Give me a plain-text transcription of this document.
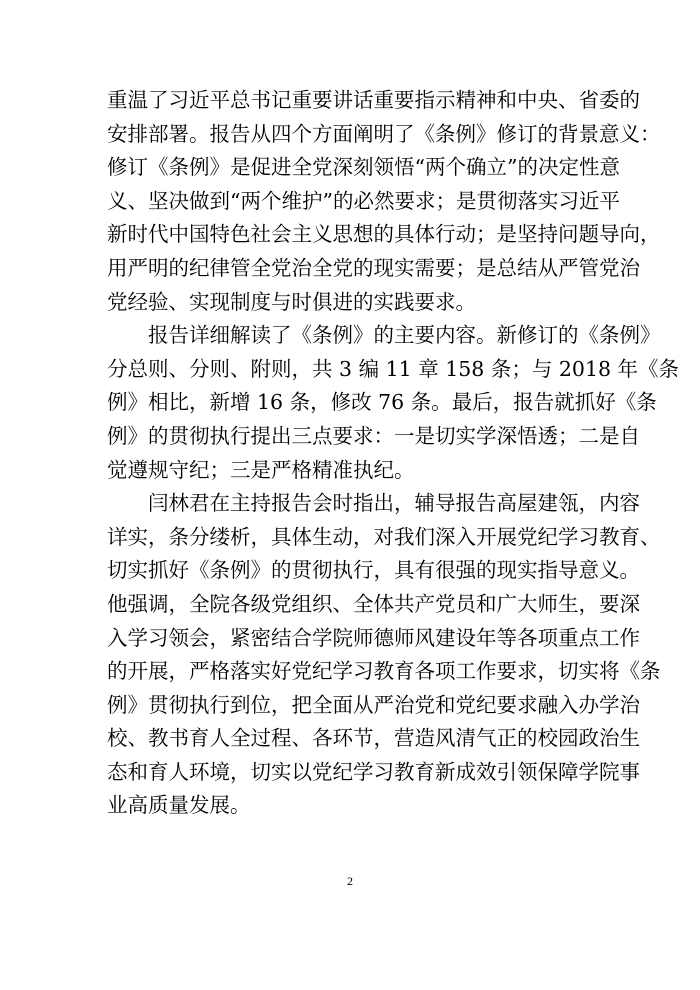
重温了习近平总书记重要讲话重要指示精神和中央、省委的
安排部署。报告从四个方面阐明了《条例》修订的背景意义：
修订《条例》是促进全党深刻领悟“两个确立”的决定性意
义、坚决做到“两个维护”的必然要求；是贯彻落实习近平
新时代中国特色社会主义思想的具体行动；是坚持问题导向，
用严明的纪律管全党治全党的现实需要；是总结从严管党治
党经验、实现制度与时俱进的实践要求。
　　报告详细解读了《条例》的主要内容。新修订的《条例》
分总则、分则、附则，共 3 编 11 章 158 条；与 2018 年《条
例》相比，新增 16 条，修改 76 条。最后，报告就抓好《条
例》的贯彻执行提出三点要求：一是切实学深悟透；二是自
觉遵规守纪；三是严格精准执纪。
　　闫林君在主持报告会时指出，辅导报告高屋建瓴，内容
详实，条分缕析，具体生动，对我们深入开展党纪学习教育、
切实抓好《条例》的贯彻执行，具有很强的现实指导意义。
他强调，全院各级党组织、全体共产党员和广大师生，要深
入学习领会，紧密结合学院师德师风建设年等各项重点工作
的开展，严格落实好党纪学习教育各项工作要求，切实将《条
例》贯彻执行到位，把全面从严治党和党纪要求融入办学治
校、教书育人全过程、各环节，营造风清气正的校园政治生
态和育人环境，切实以党纪学习教育新成效引领保障学院事
业高质量发展。
2
